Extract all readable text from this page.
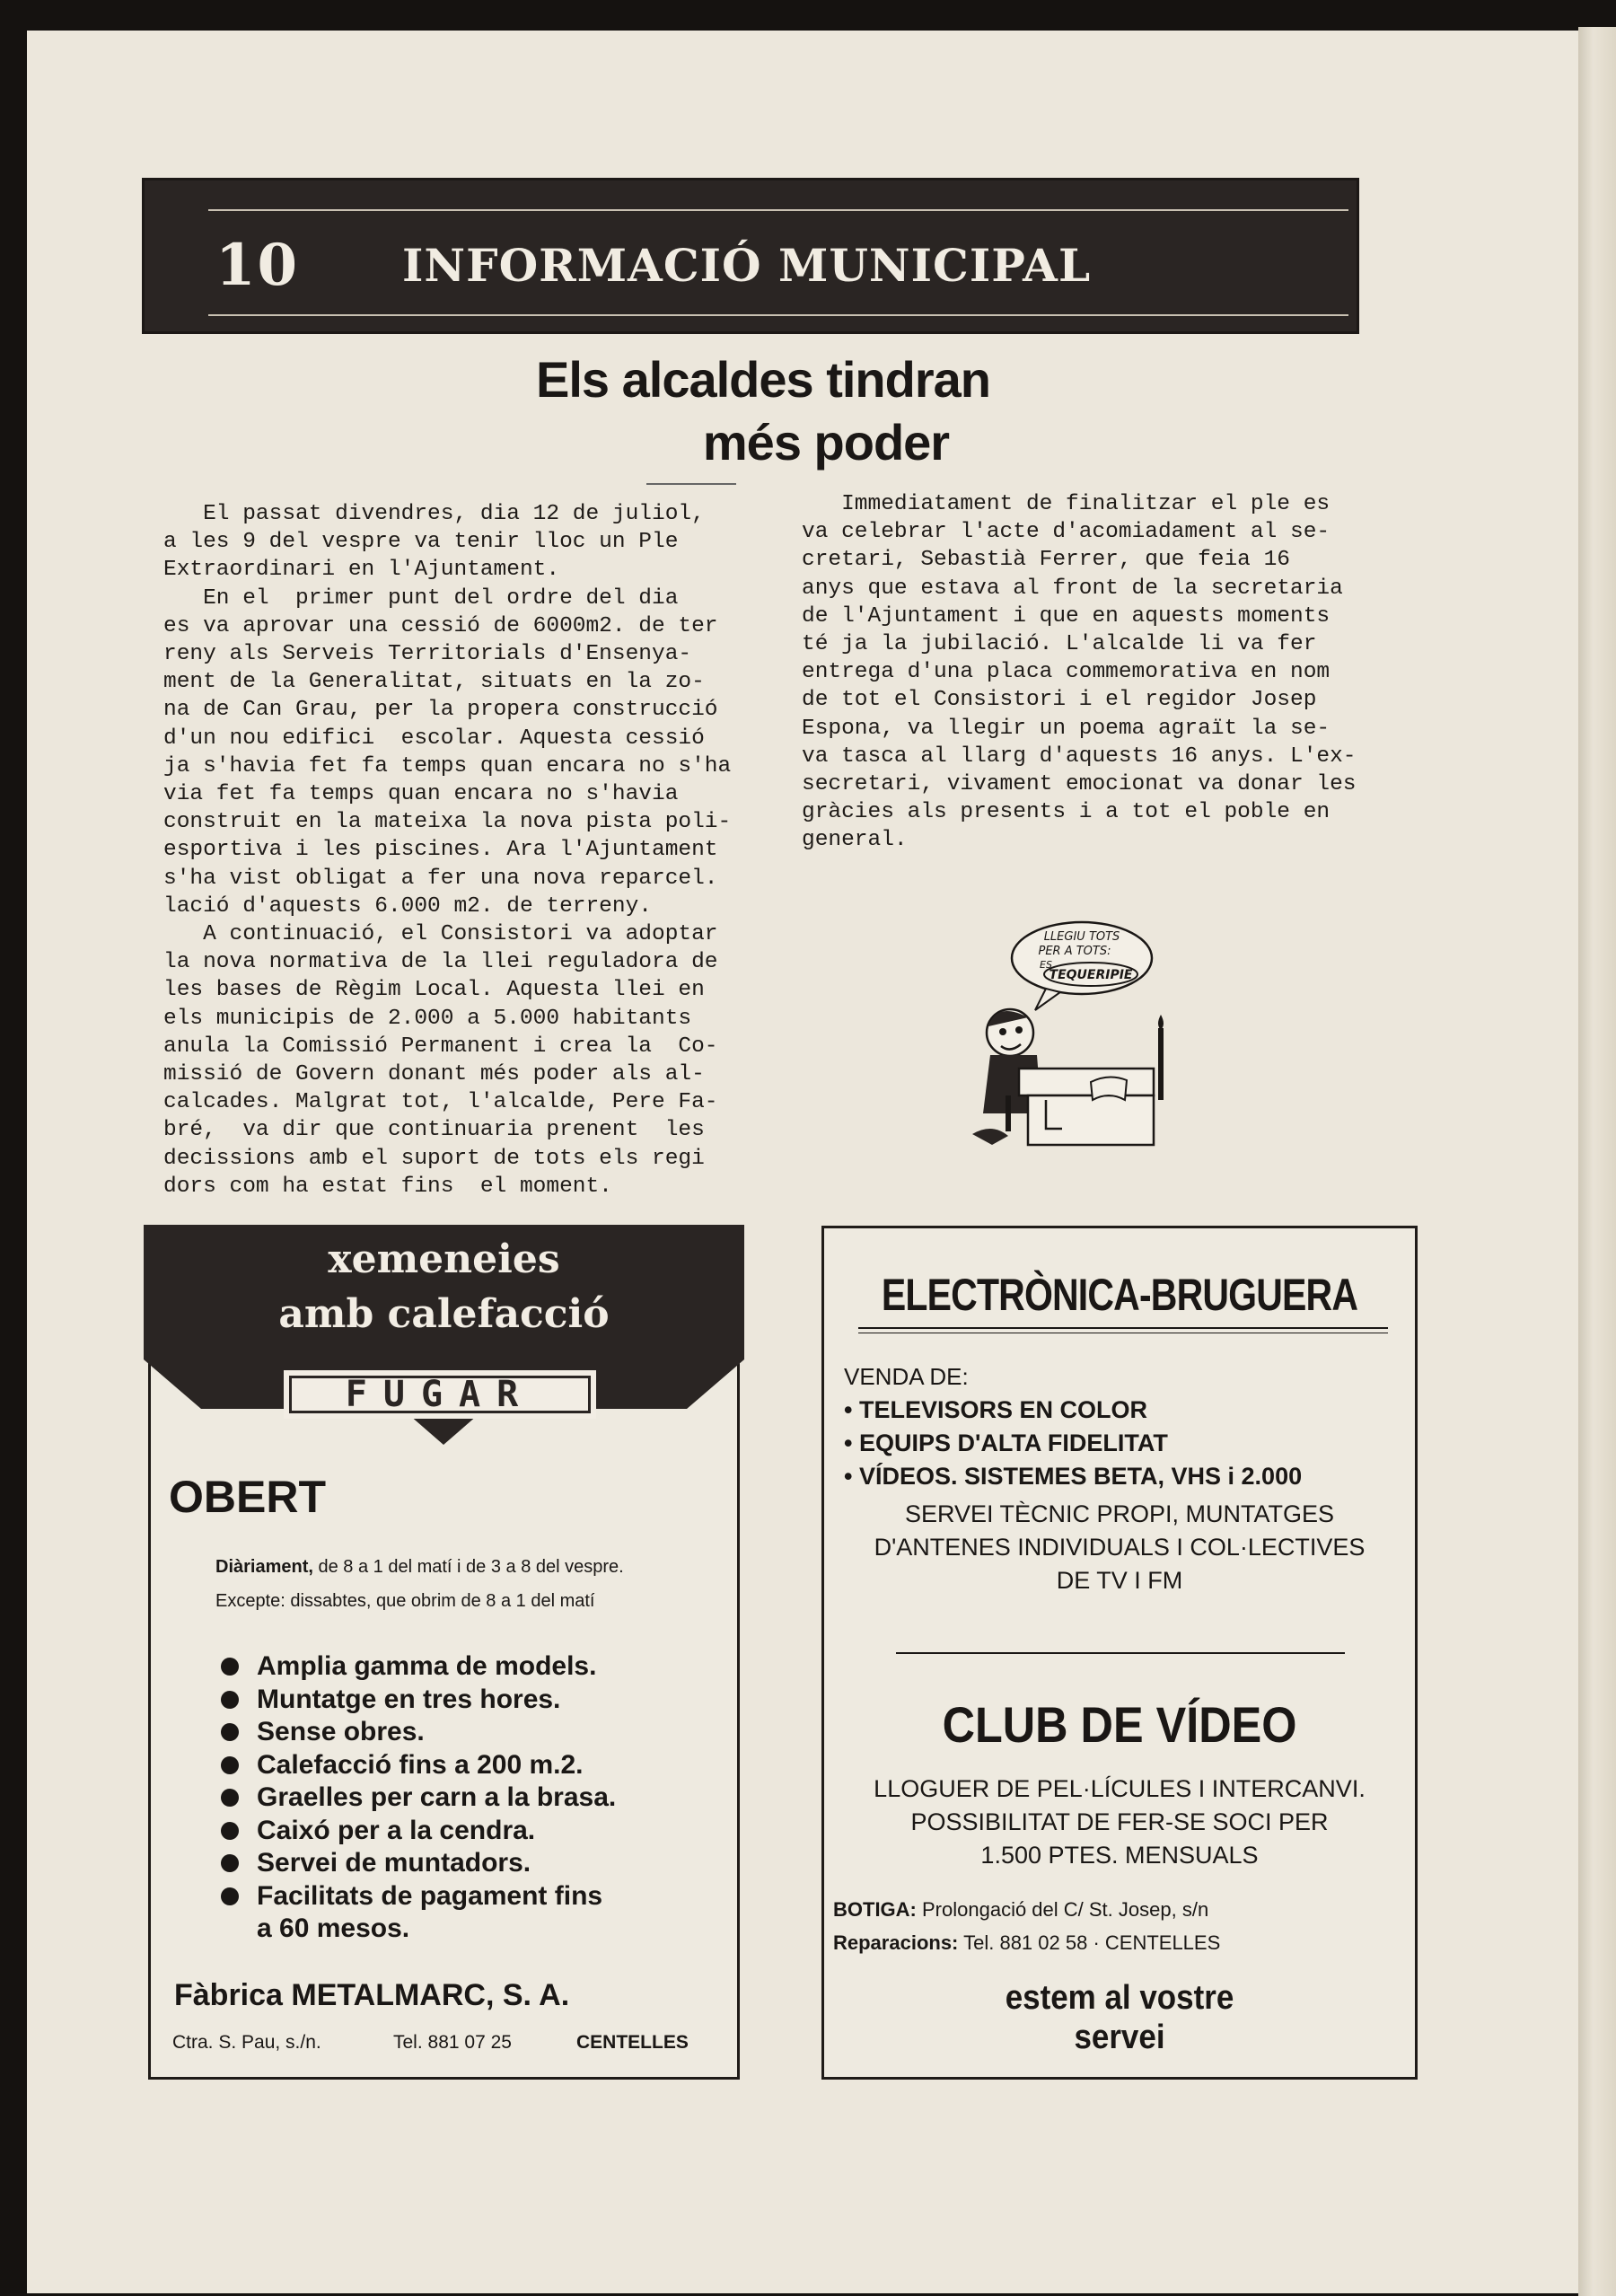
10 INFORMACIÓ MUNICIPAL
Els alcaldes tindran
més poder
El passat divendres, dia 12 de juliol,
a les 9 del vespre va tenir lloc un Ple
Extraordinari en l'Ajuntament.
En el  primer punt del ordre del dia
es va aprovar una cessió de 6000m2. de ter
reny als Serveis Territorials d'Ensenya-
ment de la Generalitat, situats en la zo-
na de Can Grau, per la propera construcció
d'un nou edifici  escolar. Aquesta cessió
ja s'havia fet fa temps quan encara no s'ha
via fet fa temps quan encara no s'havia
construit en la mateixa la nova pista poli-
esportiva i les piscines. Ara l'Ajuntament
s'ha vist obligat a fer una nova reparcel.
lació d'aquests 6.000 m2. de terreny.
A continuació, el Consistori va adoptar
la nova normativa de la llei reguladora de
les bases de Règim Local. Aquesta llei en
els municipis de 2.000 a 5.000 habitants
anula la Comissió Permanent i crea la  Co-
missió de Govern donant més poder als al-
calcades. Malgrat tot, l'alcalde, Pere Fa-
bré,  va dir que continuaria prenent  les
decissions amb el suport de tots els regi
dors com ha estat fins  el moment.
Immediatament de finalitzar el ple es
va celebrar l'acte d'acomiadament al se-
cretari, Sebastià Ferrer, que feia 16
anys que estava al front de la secretaria
de l'Ajuntament i que en aquests moments
té ja la jubilació. L'alcalde li va fer
entrega d'una placa commemorativa en nom
de tot el Consistori i el regidor Josep
Espona, va llegir un poema agraït la se-
va tasca al llarg d'aquests 16 anys. L'ex-
secretari, vivament emocionat va donar les
gràcies als presents i a tot el poble en
general.
LLEGIU TOTS
PER A TOTS:
ES
TEQUERIPIE
xemeneies
amb calefacció
FUGAR
OBERT
Diàriament, de 8 a 1 del matí i de 3 a 8 del vespre.
Excepte: dissabtes, que obrim de 8 a 1 del matí
Amplia gamma de models.
Muntatge en tres hores.
Sense obres.
Calefacció fins a 200 m.2.
Graelles per carn a la brasa.
Caixó per a la cendra.
Servei de muntadors.
Facilitats de pagament fins
a 60 mesos.
Fàbrica METALMARC, S. A.
Ctra. S. Pau, s./n.	Tel. 881 07 25	CENTELLES
ELECTRÒNICA-BRUGUERA
VENDA DE:
• TELEVISORS EN COLOR
• EQUIPS D'ALTA FIDELITAT
• VÍDEOS. SISTEMES BETA, VHS i 2.000
SERVEI TÈCNIC PROPI, MUNTATGES
D'ANTENES INDIVIDUALS I COL·LECTIVES
DE TV I FM
CLUB DE VÍDEO
LLOGUER DE PEL·LÍCULES I INTERCANVI.
POSSIBILITAT DE FER-SE SOCI PER
1.500 PTES. MENSUALS
BOTIGA: Prolongació del C/ St. Josep, s/n
Reparacions: Tel. 881 02 58 · CENTELLES
estem al vostre
servei
